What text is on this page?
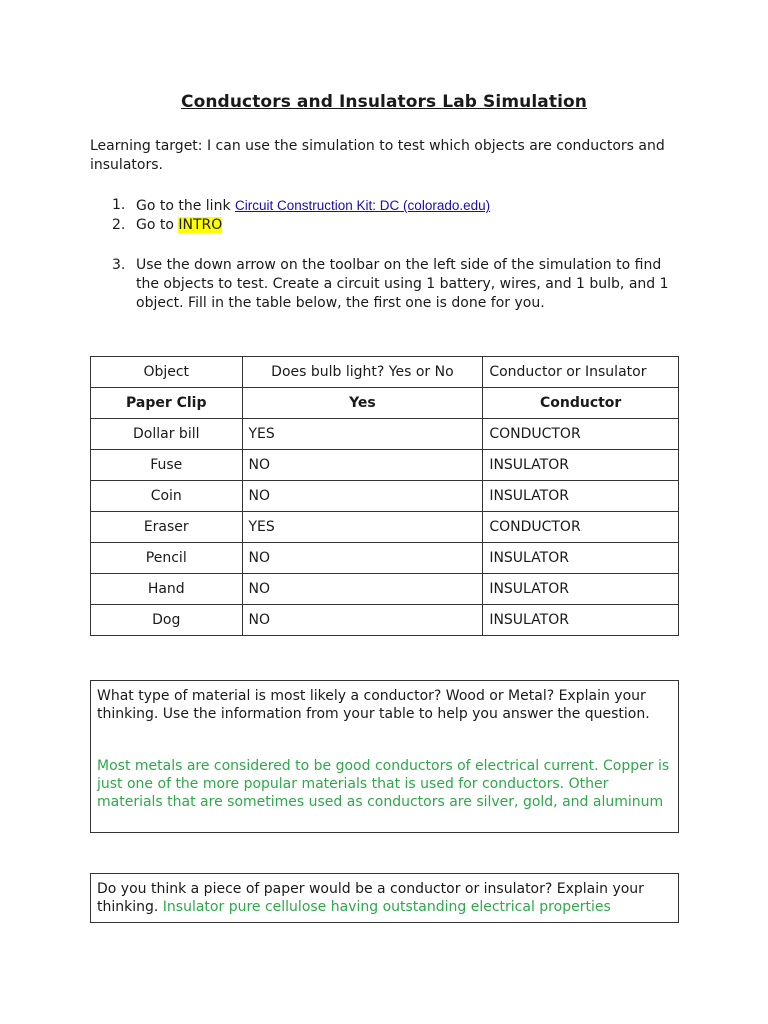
Conductors and Insulators Lab Simulation
Learning target: I can use the simulation to test which objects are conductors and insulators.
1. Go to the link Circuit Construction Kit: DC (colorado.edu)
2. Go to INTRO
3. Use the down arrow on the toolbar on the left side of the simulation to find the objects to test. Create a circuit using 1 battery, wires, and 1 bulb, and 1 object. Fill in the table below, the first one is done for you.
Object	Does bulb light? Yes or No	Conductor or Insulator
Paper Clip	Yes	Conductor
Dollar bill	YES	CONDUCTOR
Fuse	NO	INSULATOR
Coin	NO	INSULATOR
Eraser	YES	CONDUCTOR
Pencil	NO	INSULATOR
Hand	NO	INSULATOR
Dog	NO	INSULATOR
What type of material is most likely a conductor? Wood or Metal? Explain your thinking. Use the information from your table to help you answer the question.
Most metals are considered to be good conductors of electrical current. Copper is just one of the more popular materials that is used for conductors. Other materials that are sometimes used as conductors are silver, gold, and aluminum
Do you think a piece of paper would be a conductor or insulator? Explain your thinking. Insulator pure cellulose having outstanding electrical properties
